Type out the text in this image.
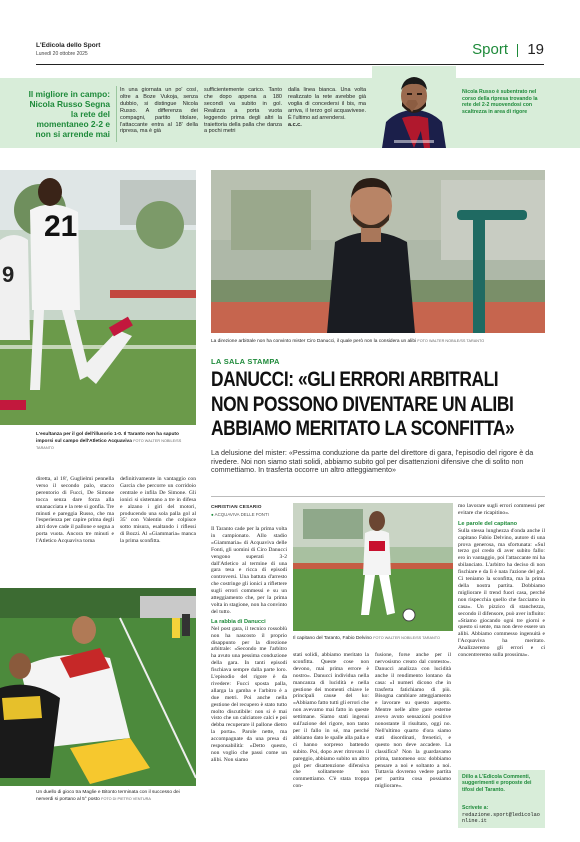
L'Edicola dello Sport
Lunedì 20 ottobre 2025	Sport 19
Il migliore in campo: Nicola Russo Segna la rete del momentaneo 2-2 e non si arrende mai
In una giornata un po' così, oltre a Boze Vukoja, senza dubbio, si distingue Nicola Russo. A differenza dei compagni, partito titolare, l'attaccante entra al 18' della ripresa, ma è già
sufficientemente carico. Tanto che dopo appena a 180 secondi va subito in gol. Realizza a porta vuota leggendo prima degli altri la traiettoria della palla che danza a pochi metri
dalla linea bianca. Una volta realizzato la rete avrebbe già voglia di concedersi il bis, ma arriva, il terzo gol acquavivese. È l'ultimo ad arrendersi.
a.c.c.
Nicola Russo è subentrato nel corso della ripresa trovando la rete del 2-2 muovendosi con scaltrezza in area di rigore
21
9
L'esultanza per il gol dell'illusorio 1-0. Il Taranto non ha saputo imporsi sul campo dell'Atletico Acquaviva FOTO WALTER NOBILE/SS TARANTO
diretta, al 18', Guglielmi pennella verso il secondo palo, stacco perentorio di Fucci, De Simone tocca senza dare forza alla smanacciata e la rete si gonfia. Tre minuti e pareggia Russo, che ma l'esperienza per capire prima degli altri dove cade il pallone e segna a porta vuota. Ancora tre minuti e l'Atletico Acquaviva torna
definitivamente in vantaggio con Garcia che percorre un corridoio centrale e infila De Simone. Gli ionici si sistemano a tre in difesa e alzano i giri del motori, producendo una sola palla gol al 35' con Valentin che colpisce sotto misura, esaltando i riflessi di Bozzi. Al «Giammaria» manca la prima sconfitta.
Un duello di gioco tra Maglie e Bitonto terminata con il successo dei nerverdi si portano al 5° posto FOTO DI PIETRO VENTURA
La direzione arbitrale non ha convinto mister Ciro Danucci, il quale però non la considera un alibi FOTO WALTER NOBILE/SS TARANTO
LA SALA STAMPA
DANUCCI: «GLI ERRORI ARBITRALI
NON POSSONO DIVENTARE UN ALIBI
ABBIAMO MERITATO LA SCONFITTA»
La delusione del mister: «Pessima conduzione da parte del direttore di gara, l'episodio del rigore è da rivedere. Noi non siamo stati solidi, abbiamo subito gol per disattenzioni difensive che di solito non commettiamo. In trasferta occorre un altro atteggiamento»
CHRISTIAN CESARIO
● ACQUAVIVA DELLE FONTI
Il Taranto cade per la prima volta in campionato. Allo stadio «Giammaria» di Acquaviva delle Fonti, gli uomini di Ciro Danucci vengono superati 3-2 dall'Atletico al termine di una gara tesa e ricca di episodi controversi. Una battuta d'arresto che costringe gli ionici a riflettere sugli errori commessi e su un atteggiamento che, per la prima volta in stagione, non ha convinto del tutto.
La rabbia di Danucci
Nel post gara, il tecnico rossoblù non ha nascosto il proprio disappunto per la direzione arbitrale: «Secondo me l'arbitro ha avuto una pessima conduzione della gara. In tanti episodi fischiava sempre dalla parte loro. L'episodio del rigore è da rivedere: Fucci sposta palla, allarga la gamba e l'arbitro è a due metri. Poi anche nella gestione del recupero è stato tutto molto discutibile: non si è mai visto che un calciatore calci e poi debba recuperare il pallone dietro la porta». Parole nette, ma accompagnate da una presa di responsabilità: «Detto questo, non voglio che passi come un alibi. Non siamo
Il capitano del Taranto, Fabio Delvino FOTO WALTER NOBILE/SS TARANTO
stati solidi, abbiamo meritato la sconfitta. Queste cose non devono, mai prima errore è nostro». Danucci individua nella mancanza di lucidità e nella gestione dei momenti chiave le principali cause del ko: «Abbiamo fatto tutti gli errori che non avevamo mai fatto in queste settimane. Siamo stati ingenui sull'azione del rigore, non tanto per il fallo in sé, ma perché abbiamo dato le spalle alla palla e ci hanno sorpreso battendo subito. Poi, dopo aver ritrovato il pareggio, abbiamo subito un altro gol per disattenzione difensiva che solitamente non commettiamo. C'è stata troppa con-
fusione, forse anche per il nervosismo creato dal contesto». Danucci analizza con lucidità anche il rendimento lontano da casa: «I numeri dicono che in trasferta fatichiamo di più. Bisogna cambiare atteggiamento e lavorare su questo aspetto. Mentre nelle altre gare esterne avevo avuto sensazioni positive nonostante il risultato, oggi no. Nell'ultimo quarto d'ora siamo stati disordinati, frenetici, e questo non deve accadere. La classifica? Non la guardavamo prima, tantomeno ora: dobbiamo pensare a noi e soltanto a noi. Tuttavia dovremo vedere partita per partita cosa possiamo migliorare».
mo lavorare sugli errori commessi per evitare che ricapitino».
Le parole del capitano
Sulla stessa lunghezza d'onda anche il capitano Fabio Delvino, autore di una prova generosa, ma sfortunata: «Sul terzo gol credo di aver subito fallo: ero in vantaggio, poi l'attaccante mi ha sbilanciato. L'arbitro ha deciso di non fischiare e da lì è nata l'azione del gol. Ci teniamo la sconfitta, ma la prima della nostra partita. Dobbiamo migliorare il trend fuori casa, perché non rispecchia quello che facciamo in casa». Un pizzico di stanchezza, secondo il difensore, può aver influito: «Stiamo giocando ogni tre giorni e questo si sente, ma non deve essere un alibi. Abbiamo commesso ingenuità e l'Acquaviva ha meritato. Analizzeremo gli errori e ci concentreremo sulla prossima».
Dillo a L'Edicola Commenti, suggerimenti e proposte dei tifosi del Taranto.
Scrivete a:
redazione.sport@ledicolaonline.it
